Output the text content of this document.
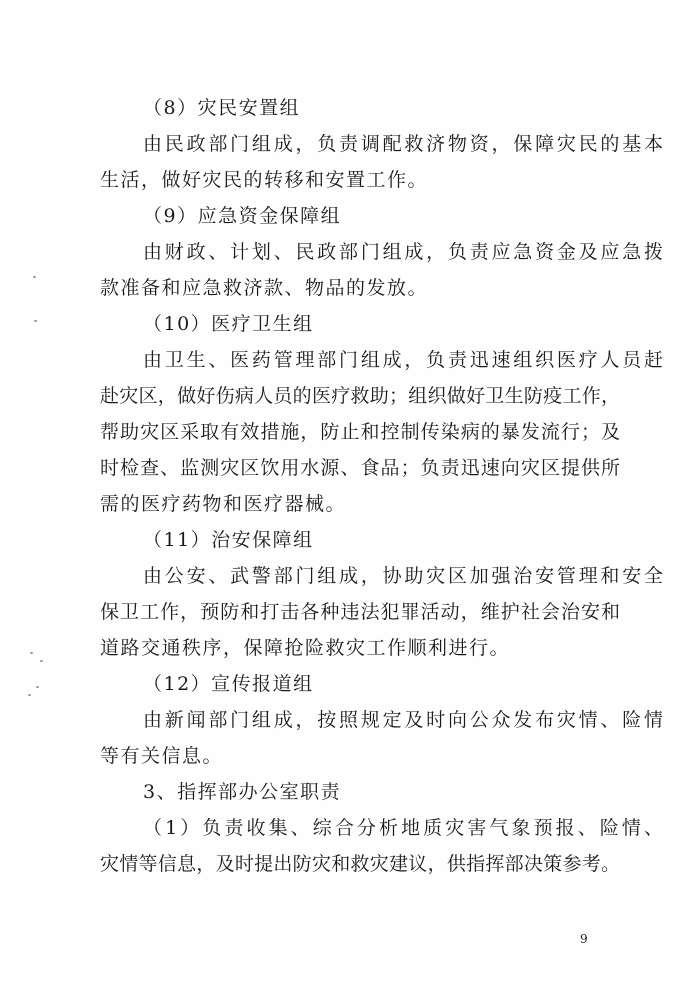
（8）灾民安置组
由民政部门组成，负责调配救济物资，保障灾民的基本
生活，做好灾民的转移和安置工作。
（9）应急资金保障组
由财政、计划、民政部门组成，负责应急资金及应急拨
款准备和应急救济款、物品的发放。
（10）医疗卫生组
由卫生、医药管理部门组成，负责迅速组织医疗人员赶
赴灾区，做好伤病人员的医疗救助；组织做好卫生防疫工作，
帮助灾区采取有效措施，防止和控制传染病的暴发流行；及
时检查、监测灾区饮用水源、食品；负责迅速向灾区提供所
需的医疗药物和医疗器械。
（11）治安保障组
由公安、武警部门组成，协助灾区加强治安管理和安全
保卫工作，预防和打击各种违法犯罪活动，维护社会治安和
道路交通秩序，保障抢险救灾工作顺利进行。
（12）宣传报道组
由新闻部门组成，按照规定及时向公众发布灾情、险情
等有关信息。
3、指挥部办公室职责
（1）负责收集、综合分析地质灾害气象预报、险情、
灾情等信息，及时提出防灾和救灾建议，供指挥部决策参考。
9
